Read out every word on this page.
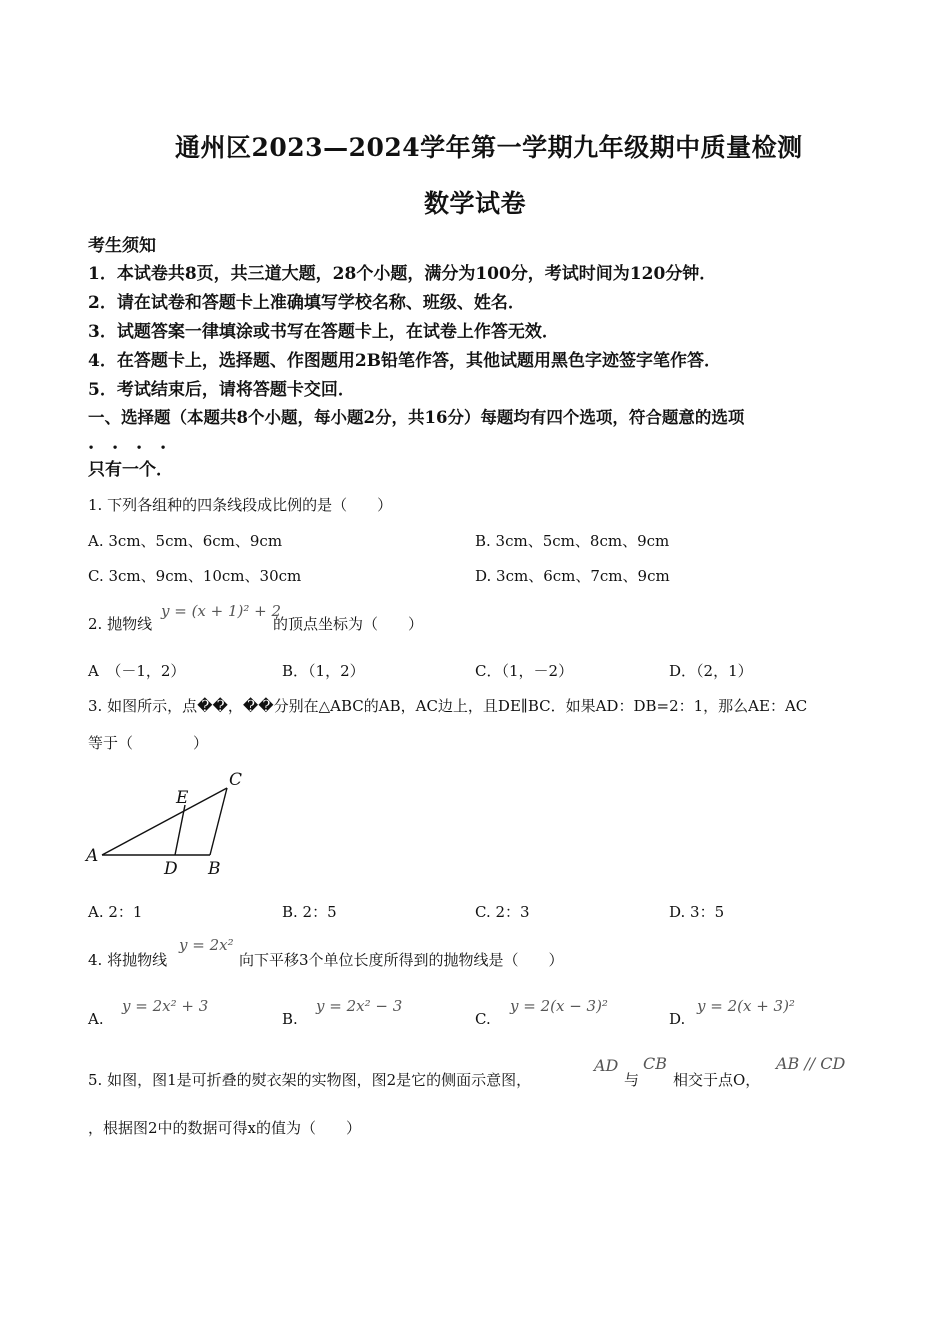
通州区2023—2024学年第一学期九年级期中质量检测
数学试卷
考生须知
1．本试卷共8页，共三道大题，28个小题，满分为100分，考试时间为120分钟．
2．请在试卷和答题卡上准确填写学校名称、班级、姓名．
3．试题答案一律填涂或书写在答题卡上，在试卷上作答无效．
4．在答题卡上，选择题、作图题用2B铅笔作答，其他试题用黑色字迹签字笔作答．
5．考试结束后，请将答题卡交回．
一、选择题（本题共8个小题，每小题2分，共16分）每题均有四个选项，符合题意的选项
．．．．
只有一个．
1. 下列各组种的四条线段成比例的是（　　）
A. 3cm、5cm、6cm、9cm	B. 3cm、5cm、8cm、9cm
C. 3cm、9cm、10cm、30cm	D. 3cm、6cm、7cm、9cm
2. 抛物线
y = (x + 1)² + 2
的顶点坐标为（　　）
A　（－1，2）	B．（1，2）	C．（1，－2）	D．（2，1）
3. 如图所示，点��，��分别在△ABC的AB，AC边上，且DE∥BC．如果AD：DB=2：1，那么AE：AC
等于（　　　　）
A
B
C
D
E
A. 2：1	B. 2：5	C. 2：3	D. 3：5
4. 将抛物线
y = 2x²
向下平移3个单位长度所得到的抛物线是（　　）
A.
y = 2x² + 3
B.
y = 2x² − 3
C.
y = 2(x − 3)²
D.
y = 2(x + 3)²
5. 如图，图1是可折叠的熨衣架的实物图，图2是它的侧面示意图，
AD
与
CB
相交于点O，
AB // CD
，根据图2中的数据可得x的值为（　　）
